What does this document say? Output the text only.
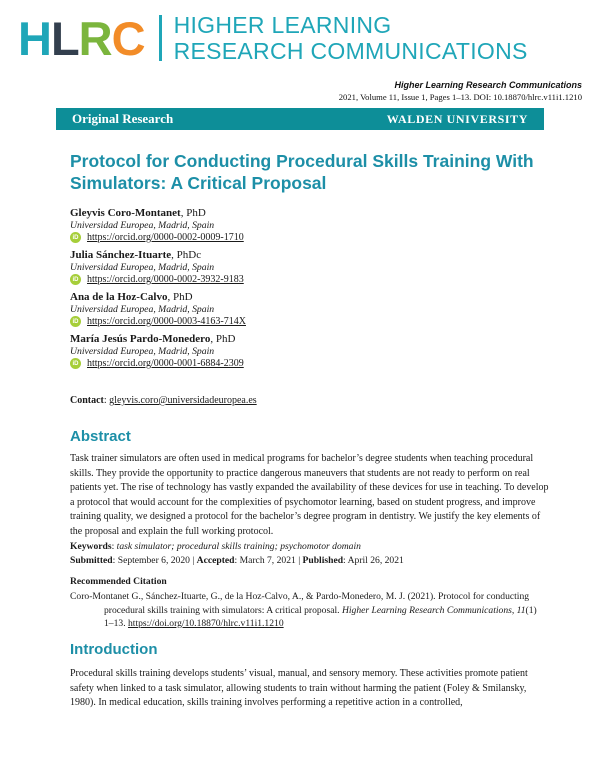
H L R C HIGHER LEARNING
RESEARCH COMMUNICATIONS
Higher Learning Research Communications
2021, Volume 11, Issue 1, Pages 1–13. DOI: 10.18870/hlrc.v11i1.1210
Original Research	WALDEN UNIVERSITY
Protocol for Conducting Procedural Skills Training With Simulators: A Critical Proposal
Gleyvis Coro-Montanet, PhD
Universidad Europea, Madrid, Spain
iD https://orcid.org/0000-0002-0009-1710
Julia Sánchez-Ituarte, PhDc
Universidad Europea, Madrid, Spain
iD https://orcid.org/0000-0002-3932-9183
Ana de la Hoz-Calvo, PhD
Universidad Europea, Madrid, Spain
iD https://orcid.org/0000-0003-4163-714X
María Jesús Pardo-Monedero, PhD
Universidad Europea, Madrid, Spain
iD https://orcid.org/0000-0001-6884-2309
Contact: gleyvis.coro@universidadeuropea.es
Abstract

Task trainer simulators are often used in medical programs for bachelor’s degree students when teaching procedural skills. They provide the opportunity to practice dangerous maneuvers that students are not ready to perform on real patients yet. The rise of technology has vastly expanded the availability of these devices for use in teaching. To develop a protocol that would account for the complexities of psychomotor learning, based on student progress, and improve training quality, we designed a protocol for the bachelor’s degree program in dentistry. We justify the key elements of the proposal and explain the full working protocol.

Keywords: task simulator; procedural skills training; psychomotor domain
Submitted: September 6, 2020 | Accepted: March 7, 2021 | Published: April 26, 2021
Recommended Citation
Coro-Montanet G., Sánchez-Ituarte, G., de la Hoz-Calvo, A., & Pardo-Monedero, M. J. (2021). Protocol for conducting
procedural skills training with simulators: A critical proposal. Higher Learning Research Communications, 11(1)
1–13. https://doi.org/10.18870/hlrc.v11i1.1210
Introduction

Procedural skills training develops students’ visual, manual, and sensory memory. These activities promote patient safety when linked to a task simulator, allowing students to train without harming the patient (Foley & Smilansky, 1980). In medical education, skills training involves performing a repetitive action in a controlled,
